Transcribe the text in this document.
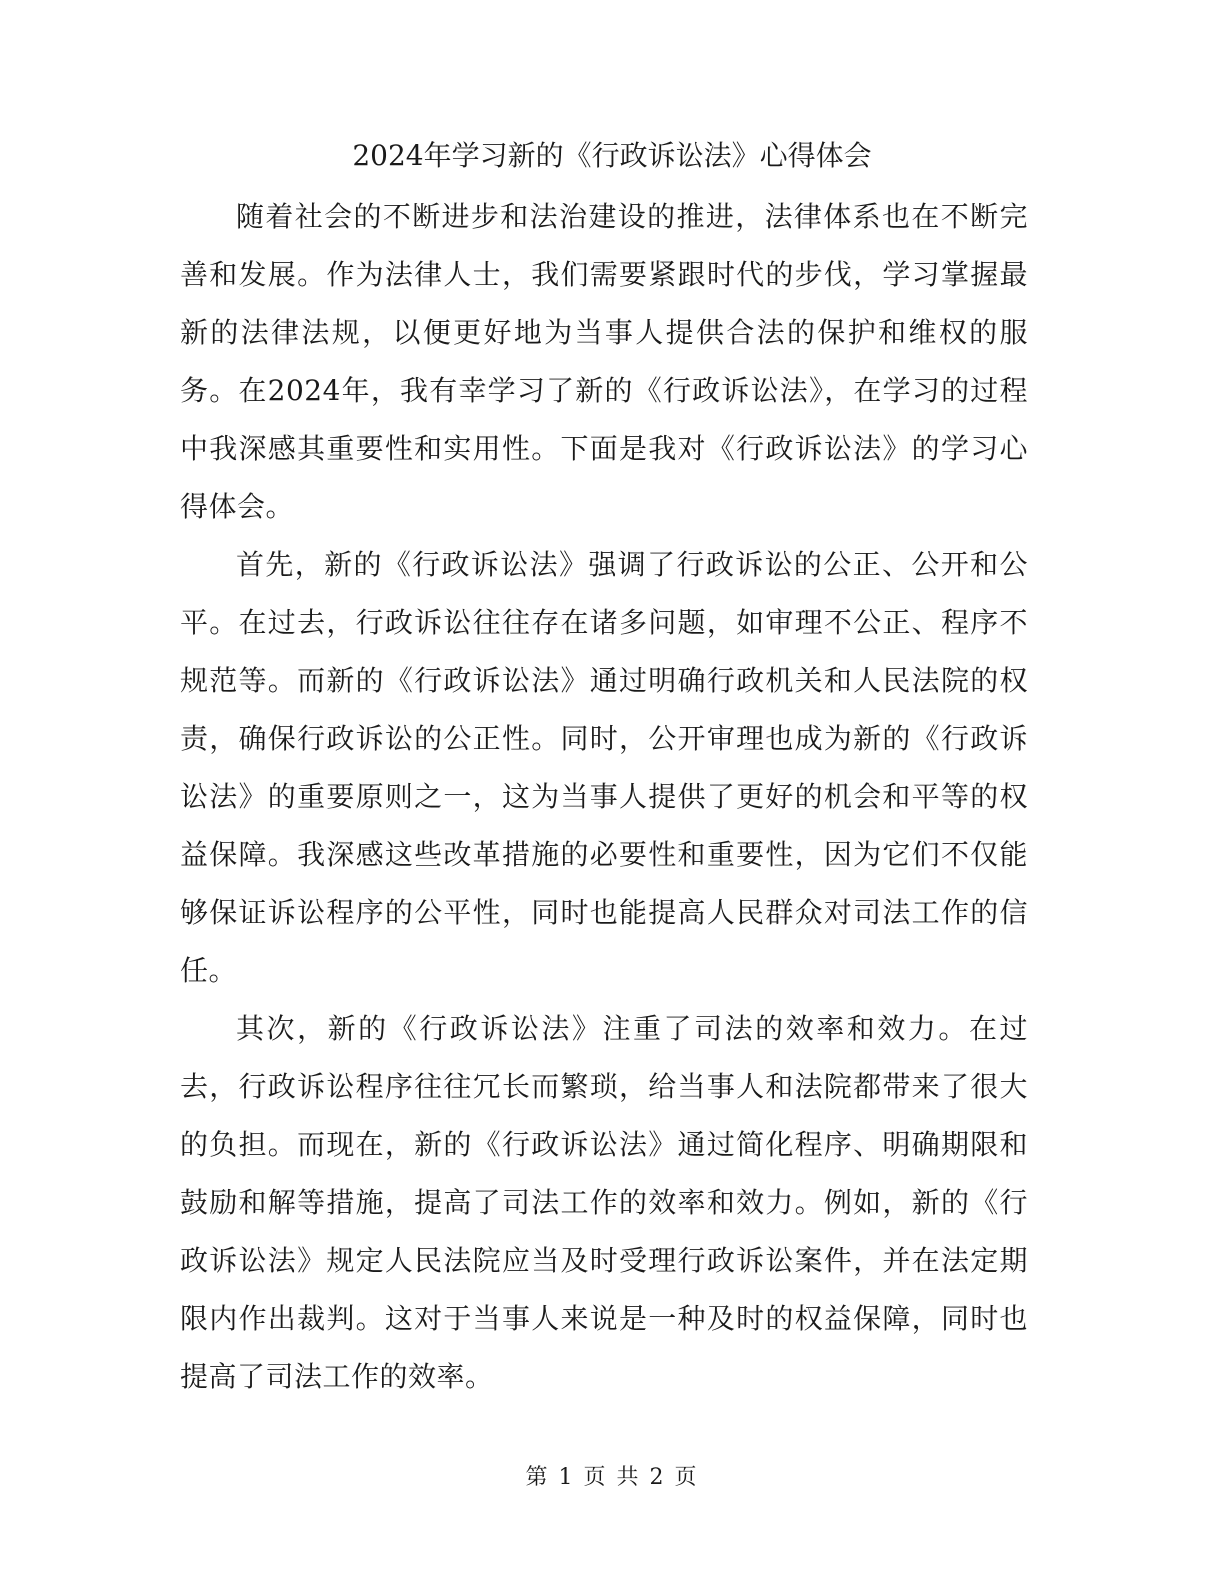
2024年学习新的《行政诉讼法》心得体会

随着社会的不断进步和法治建设的推进，法律体系也在不断完善和发展。作为法律人士，我们需要紧跟时代的步伐，学习掌握最新的法律法规，以便更好地为当事人提供合法的保护和维权的服务。在2024年，我有幸学习了新的《行政诉讼法》，在学习的过程中我深感其重要性和实用性。下面是我对《行政诉讼法》的学习心得体会。

首先，新的《行政诉讼法》强调了行政诉讼的公正、公开和公平。在过去，行政诉讼往往存在诸多问题，如审理不公正、程序不规范等。而新的《行政诉讼法》通过明确行政机关和人民法院的权责，确保行政诉讼的公正性。同时，公开审理也成为新的《行政诉讼法》的重要原则之一，这为当事人提供了更好的机会和平等的权益保障。我深感这些改革措施的必要性和重要性，因为它们不仅能够保证诉讼程序的公平性，同时也能提高人民群众对司法工作的信任。

其次，新的《行政诉讼法》注重了司法的效率和效力。在过去，行政诉讼程序往往冗长而繁琐，给当事人和法院都带来了很大的负担。而现在，新的《行政诉讼法》通过简化程序、明确期限和鼓励和解等措施，提高了司法工作的效率和效力。例如，新的《行政诉讼法》规定人民法院应当及时受理行政诉讼案件，并在法定期限内作出裁判。这对于当事人来说是一种及时的权益保障，同时也提高了司法工作的效率。

第 1 页 共 2 页
